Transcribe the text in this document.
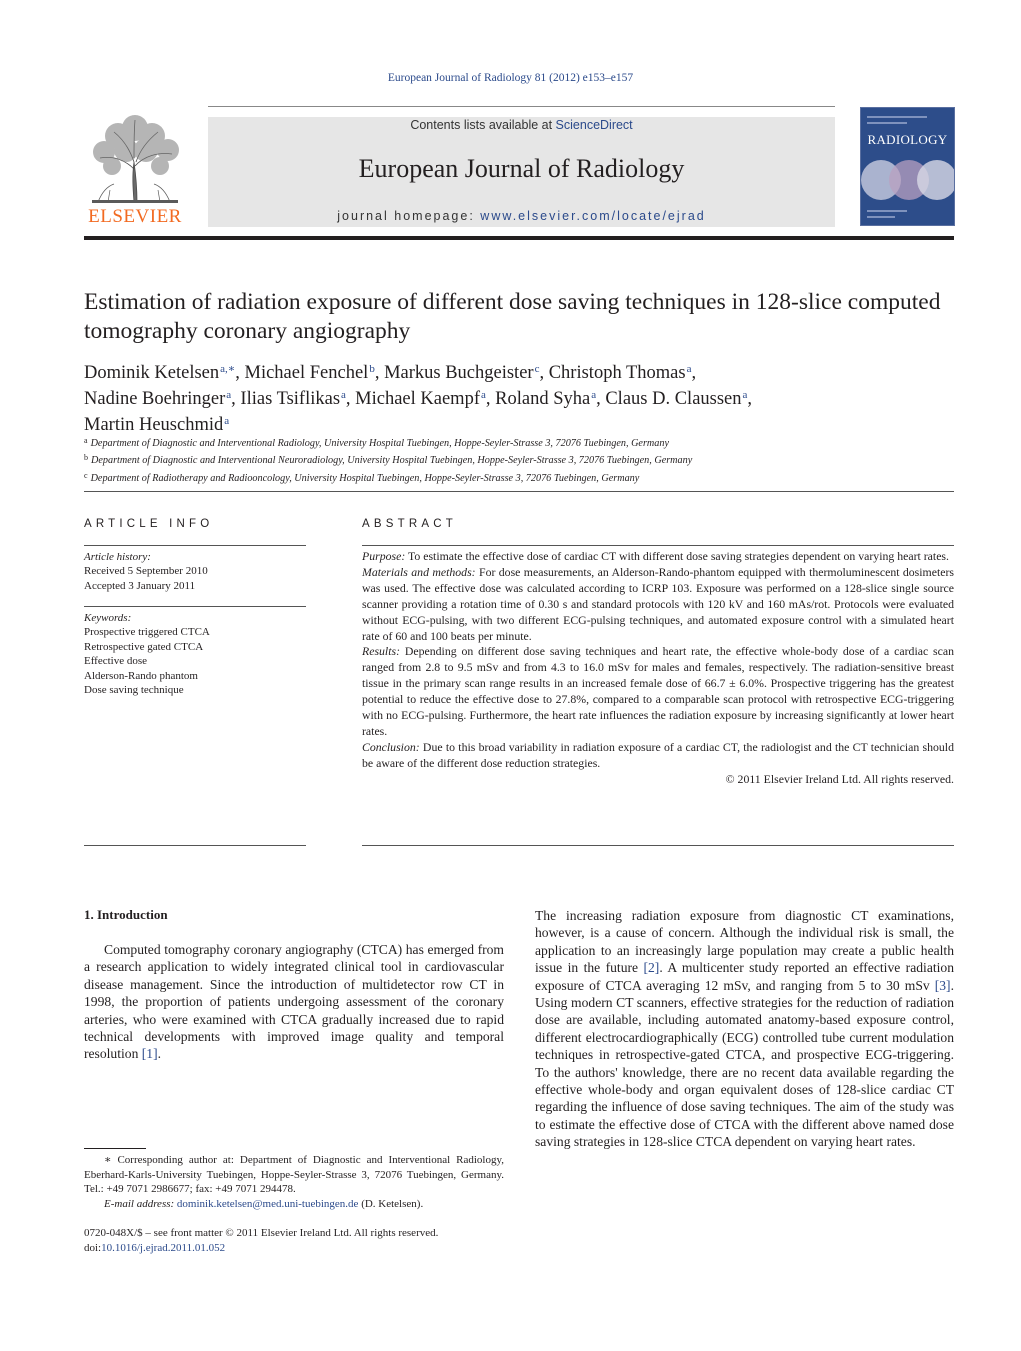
European Journal of Radiology 81 (2012) e153–e157
ELSEVIER
Contents lists available at ScienceDirect
European Journal of Radiology
journal homepage: www.elsevier.com/locate/ejrad
RADIOLOGY
Estimation of radiation exposure of different dose saving techniques in 128-slice computed tomography coronary angiography
Dominik Ketelsen$^{a,∗}$, Michael Fenchel$^b$, Markus Buchgeister$^c$, Christoph Thomas$^a$,
Nadine Boehringer$^a$, Ilias Tsiflikas$^a$, Michael Kaempf$^a$, Roland Syha$^a$, Claus D. Claussen$^a$,
Martin Heuschmid$^a$
$^a$ Department of Diagnostic and Interventional Radiology, University Hospital Tuebingen, Hoppe-Seyler-Strasse 3, 72076 Tuebingen, Germany
$^b$ Department of Diagnostic and Interventional Neuroradiology, University Hospital Tuebingen, Hoppe-Seyler-Strasse 3, 72076 Tuebingen, Germany
$^c$ Department of Radiotherapy and Radiooncology, University Hospital Tuebingen, Hoppe-Seyler-Strasse 3, 72076 Tuebingen, Germany
ARTICLE INFO	ABSTRACT
Article history:
Received 5 September 2010
Accepted 3 January 2011
Keywords:
Prospective triggered CTCA
Retrospective gated CTCA
Effective dose
Alderson-Rando phantom
Dose saving technique

Purpose: To estimate the effective dose of cardiac CT with different dose saving strategies dependent on varying heart rates.

Materials and methods: For dose measurements, an Alderson-Rando-phantom equipped with thermoluminescent dosimeters was used. The effective dose was calculated according to ICRP 103. Exposure was performed on a 128-slice single source scanner providing a rotation time of 0.30 s and standard protocols with 120 kV and 160 mAs/rot. Protocols were evaluated without ECG-pulsing, with two different ECG-pulsing techniques, and automated exposure control with a simulated heart rate of 60 and 100 beats per minute.

Results: Depending on different dose saving techniques and heart rate, the effective whole-body dose of a cardiac scan ranged from 2.8 to 9.5 mSv and from 4.3 to 16.0 mSv for males and females, respectively. The radiation-sensitive breast tissue in the primary scan range results in an increased female dose of 66.7 ± 6.0%. Prospective triggering has the greatest potential to reduce the effective dose to 27.8%, compared to a comparable scan protocol with retrospective ECG-triggering with no ECG-pulsing. Furthermore, the heart rate influences the radiation exposure by increasing significantly at lower heart rates.

Conclusion: Due to this broad variability in radiation exposure of a cardiac CT, the radiologist and the CT technician should be aware of the different dose reduction strategies.

© 2011 Elsevier Ireland Ltd. All rights reserved.

1. Introduction
Computed tomography coronary angiography (CTCA) has emerged from a research application to widely integrated clinical tool in cardiovascular disease management. Since the introduction of multidetector row CT in 1998, the proportion of patients undergoing assessment of the coronary arteries, who were examined with CTCA gradually increased due to rapid technical developments with improved image quality and temporal resolution [1].
The increasing radiation exposure from diagnostic CT examinations, however, is a cause of concern. Although the individual risk is small, the application to an increasingly large population may create a public health issue in the future [2]. A multicenter study reported an effective radiation exposure of CTCA averaging 12 mSv, and ranging from 5 to 30 mSv [3]. Using modern CT scanners, effective strategies for the reduction of radiation dose are available, including automated anatomy-based exposure control, different electrocardiographically (ECG) controlled tube current modulation techniques in retrospective-gated CTCA, and prospective ECG-triggering. To the authors' knowledge, there are no recent data available regarding the effective whole-body and organ equivalent doses of 128-slice cardiac CT regarding the influence of dose saving techniques. The aim of the study was to estimate the effective dose of CTCA with the different above named dose saving strategies in 128-slice CTCA dependent on varying heart rates.
∗ Corresponding author at: Department of Diagnostic and Interventional Radiology, Eberhard-Karls-University Tuebingen, Hoppe-Seyler-Strasse 3, 72076 Tuebingen, Germany. Tel.: +49 7071 2986677; fax: +49 7071 294478.
E-mail address: dominik.ketelsen@med.uni-tuebingen.de (D. Ketelsen).
0720-048X/$ – see front matter © 2011 Elsevier Ireland Ltd. All rights reserved.
doi:10.1016/j.ejrad.2011.01.052
